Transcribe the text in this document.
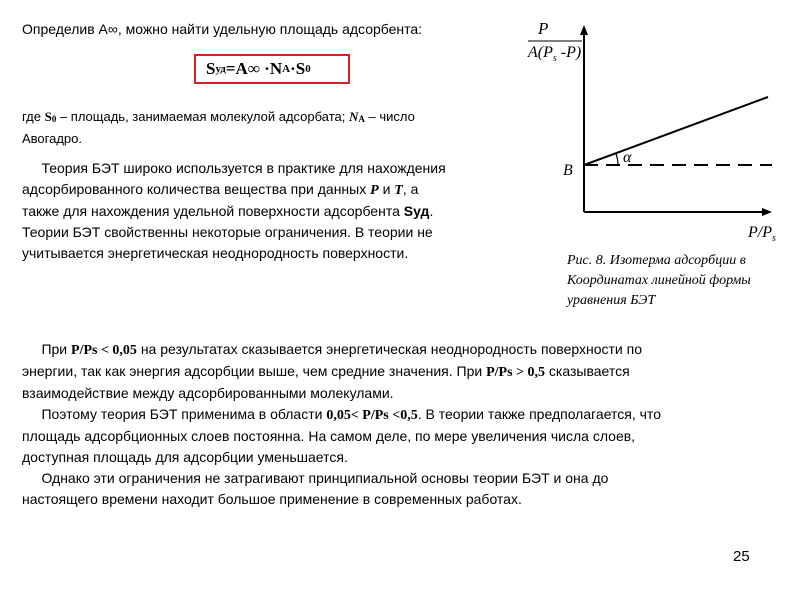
Определив A∞, можно найти удельную площадь адсорбента:
S уд =A∞ ·N A ·S 0
где $S_0$ – площадь, занимаемая молекулой адсорбата; $N_A$ – число
Авогадро.
Теория БЭТ широко используется в практике для нахождения
адсорбированного количества вещества при данных P и T, а
также для нахождения удельной поверхности адсорбента Sуд.
Теории БЭТ свойственны некоторые ограничения. В теории не
учитывается энергетическая неоднородность поверхности.
α
B
P
$A(P_s$ -P)
$P/P_s$
Рис. 8. Изотерма адсорбции в
Координатах линейной формы
уравнения БЭТ
При P/Ps < 0,05 на результатах сказывается энергетическая неоднородность поверхности по
энергии, так как энергия адсорбции выше, чем средние значения. При P/Ps > 0,5 сказывается
взаимодействие между адсорбированными молекулами.
Поэтому теория БЭТ применима в области 0,05< P/Ps <0,5. В теории также предполагается, что
площадь адсорбционных слоев постоянна. На самом деле, по мере увеличения числа слоев,
доступная площадь для адсорбции уменьшается.
Однако эти ограничения не затрагивают принципиальной основы теории БЭТ и она до
настоящего времени находит большое применение в современных работах.
25
